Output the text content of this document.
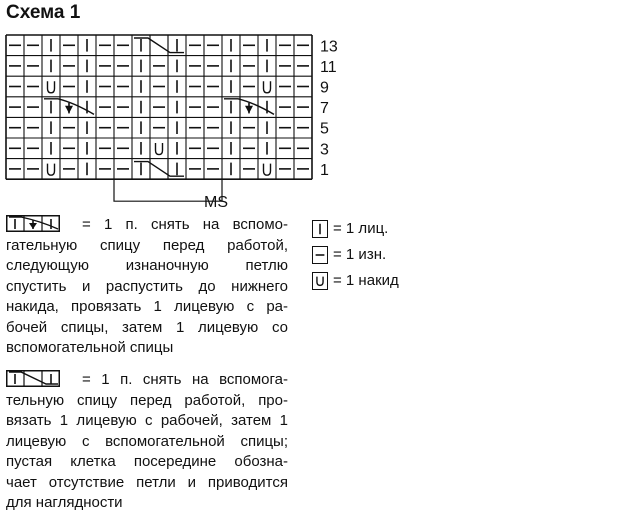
Схема 1
13
11
9
7
5
3
1
MS
= 1 п. снять на вспомо-
гательную спицу перед работой,
следующую изнаночную петлю
спустить и распустить до нижнего
накида, провязать 1 лицевую с ра-
бочей спицы, затем 1 лицевую со
вспомогательной спицы
= 1 п. снять на вспомога-
тельную спицу перед работой, про-
вязать 1 лицевую с рабочей, затем 1
лицевую с вспомогательной спицы;
пустая клетка посередине обозна-
чает отсутствие петли и приводится
для наглядности
= 1 лиц.
= 1 изн.
= 1 накид
